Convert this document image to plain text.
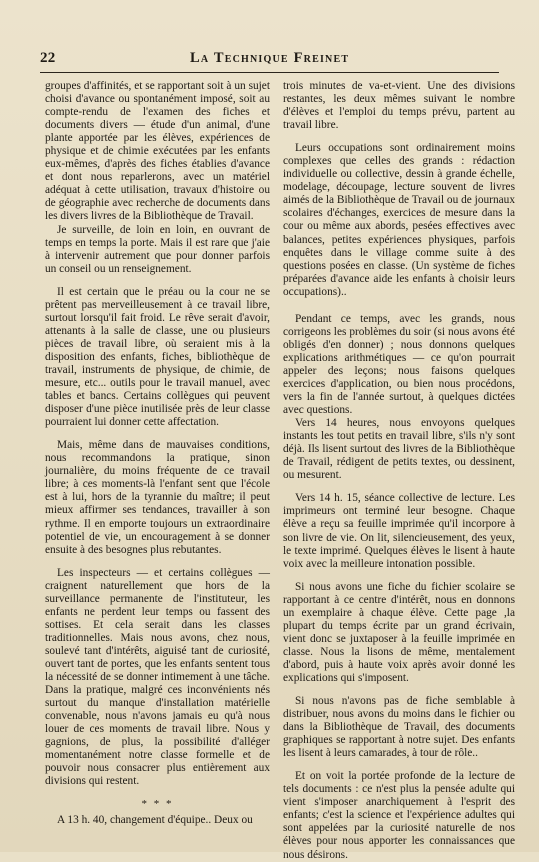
22	La Technique Freinet

groupes d'affinités, et se rapportant soit à un sujet choisi d'avance ou spontanément imposé, soit au compte-rendu de l'examen des fiches et documents divers — étude d'un animal, d'une plante apportée par les élèves, expériences de physique et de chimie exécutées par les enfants eux-mêmes, d'après des fiches établies d'avance et dont nous reparlerons, avec un matériel adéquat à cette utilisation, travaux d'histoire ou de géographie avec recherche de documents dans les divers livres de la Bibliothèque de Travail.

Je surveille, de loin en loin, en ouvrant de temps en temps la porte. Mais il est rare que j'aie à intervenir autrement que pour donner parfois un conseil ou un renseignement.

Il est certain que le préau ou la cour ne se prêtent pas merveilleusement à ce travail libre, surtout lorsqu'il fait froid. Le rêve serait d'avoir, attenants à la salle de classe, une ou plusieurs pièces de travail libre, où seraient mis à la disposition des enfants, fiches, bibliothèque de travail, instruments de physique, de chimie, de mesure, etc... outils pour le travail manuel, avec tables et bancs. Certains collègues qui peuvent disposer d'une pièce inutilisée près de leur classe pourraient lui donner cette affectation.

Mais, même dans de mauvaises conditions, nous recommandons la pratique, sinon journalière, du moins fréquente de ce travail libre; à ces moments-là l'enfant sent que l'école est à lui, hors de la tyrannie du maître; il peut mieux affirmer ses tendances, travailler à son rythme. Il en emporte toujours un extraordinaire potentiel de vie, un encouragement à se donner ensuite à des besognes plus rebutantes.

Les inspecteurs — et certains collègues — craignent naturellement que hors de la surveillance permanente de l'instituteur, les enfants ne perdent leur temps ou fassent des sottises. Et cela serait dans les classes traditionnelles. Mais nous avons, chez nous, soulevé tant d'intérêts, aiguisé tant de curiosité, ouvert tant de portes, que les enfants sentent tous la nécessité de se donner intimement à une tâche. Dans la pratique, malgré ces inconvénients nés surtout du manque d'installation matérielle convenable, nous n'avons jamais eu qu'à nous louer de ces moments de travail libre. Nous y gagnions, de plus, la possibilité d'alléger momentanément notre classe formelle et de pouvoir nous consacrer plus entièrement aux divisions qui restent.

* * *

A 13 h. 40, changement d'équipe.. Deux ou

trois minutes de va-et-vient. Une des divisions restantes, les deux mêmes suivant le nombre d'élèves et l'emploi du temps prévu, partent au travail libre.

Leurs occupations sont ordinairement moins complexes que celles des grands : rédaction individuelle ou collective, dessin à grande échelle, modelage, découpage, lecture souvent de livres aimés de la Bibliothèque de Travail ou de journaux scolaires d'échanges, exercices de mesure dans la cour ou même aux abords, pesées effectives avec balances, petites expériences physiques, parfois enquêtes dans le village comme suite à des questions posées en classe. (Un système de fiches préparées d'avance aide les enfants à choisir leurs occupations)..

Pendant ce temps, avec les grands, nous corrigeons les problèmes du soir (si nous avons été obligés d'en donner) ; nous donnons quelques explications arithmétiques — ce qu'on pourrait appeler des leçons; nous faisons quelques exercices d'application, ou bien nous procédons, vers la fin de l'année surtout, à quelques dictées avec questions.

Vers 14 heures, nous envoyons quelques instants les tout petits en travail libre, s'ils n'y sont déjà. Ils lisent surtout des livres de la Bibliothèque de Travail, rédigent de petits textes, ou dessinent, ou mesurent.

Vers 14 h. 15, séance collective de lecture. Les imprimeurs ont terminé leur besogne. Chaque élève a reçu sa feuille imprimée qu'il incorpore à son livre de vie. On lit, silencieusement, des yeux, le texte imprimé. Quelques élèves le lisent à haute voix avec la meilleure intonation possible.

Si nous avons une fiche du fichier scolaire se rapportant à ce centre d'intérêt, nous en donnons un exemplaire à chaque élève. Cette page ,la plupart du temps écrite par un grand écrivain, vient donc se juxtaposer à la feuille imprimée en classe. Nous la lisons de même, mentalement d'abord, puis à haute voix après avoir donné les explications qui s'imposent.

Si nous n'avons pas de fiche semblable à distribuer, nous avons du moins dans le fichier ou dans la Bibliothèque de Travail, des documents graphiques se rapportant à notre sujet. Des enfants les lisent à leurs camarades, à tour de rôle..

Et on voit la portée profonde de la lecture de tels documents : ce n'est plus la pensée adulte qui vient s'imposer anarchiquement à l'esprit des enfants; c'est la science et l'expérience adultes qui sont appelées par la curiosité naturelle de nos élèves pour nous apporter les connaissances que nous désirons.
